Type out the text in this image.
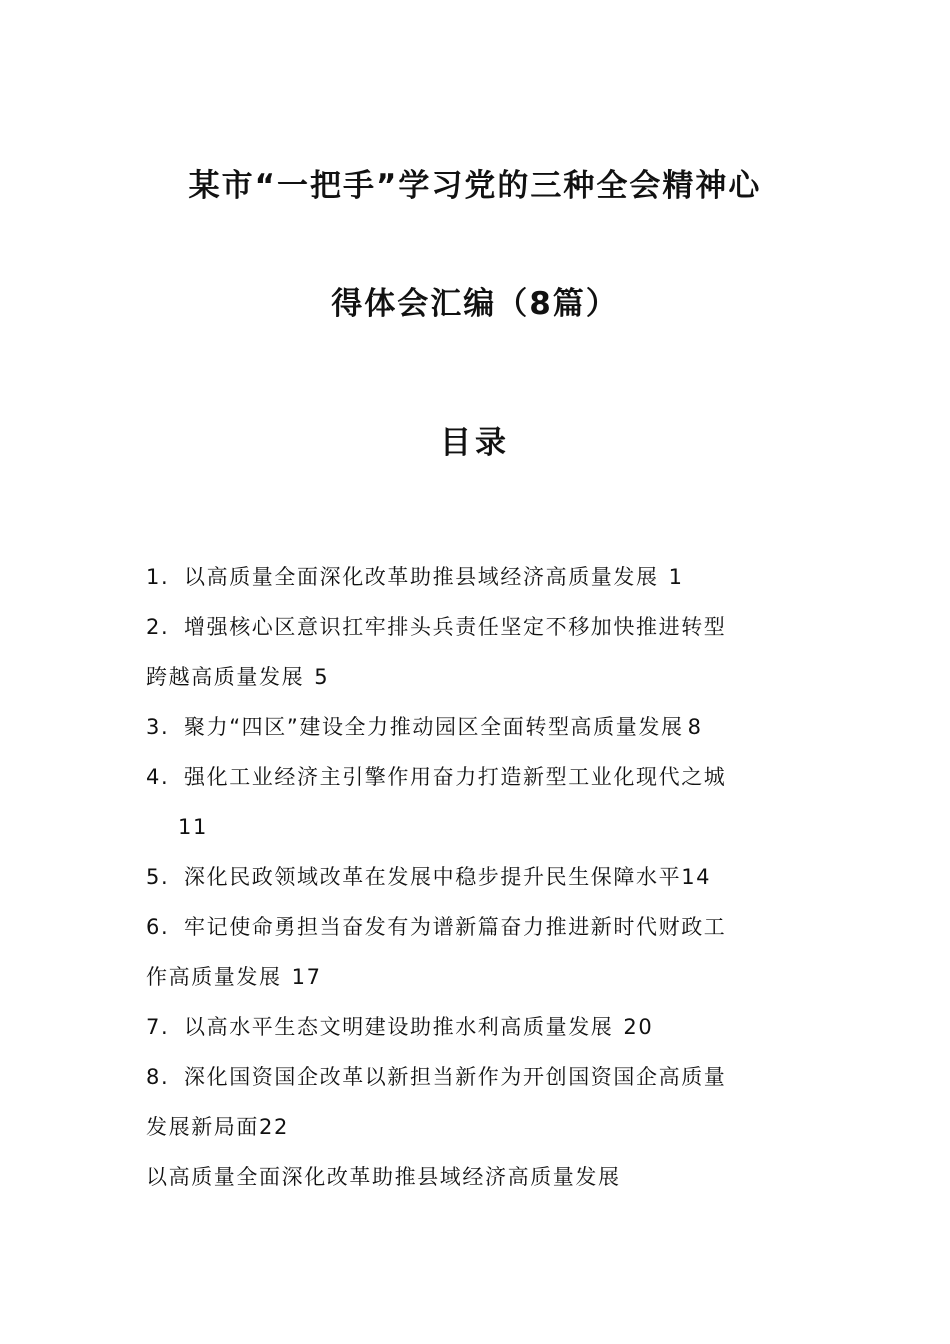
某市“一把手”学习党的三种全会精神心
得体会汇编（8篇）
目录
1. 以高质量全面深化改革助推县域经济高质量发展 1
2. 增强核心区意识扛牢排头兵责任坚定不移加快推进转型
跨越高质量发展 5
3. 聚力“四区”建设全力推动园区全面转型高质量发展 8
4. 强化工业经济主引擎作用奋力打造新型工业化现代之城
11
5. 深化民政领域改革在发展中稳步提升民生保障水平14
6. 牢记使命勇担当奋发有为谱新篇奋力推进新时代财政工
作高质量发展 17
7. 以高水平生态文明建设助推水利高质量发展 20
8. 深化国资国企改革以新担当新作为开创国资国企高质量
发展新局面22
以高质量全面深化改革助推县域经济高质量发展
